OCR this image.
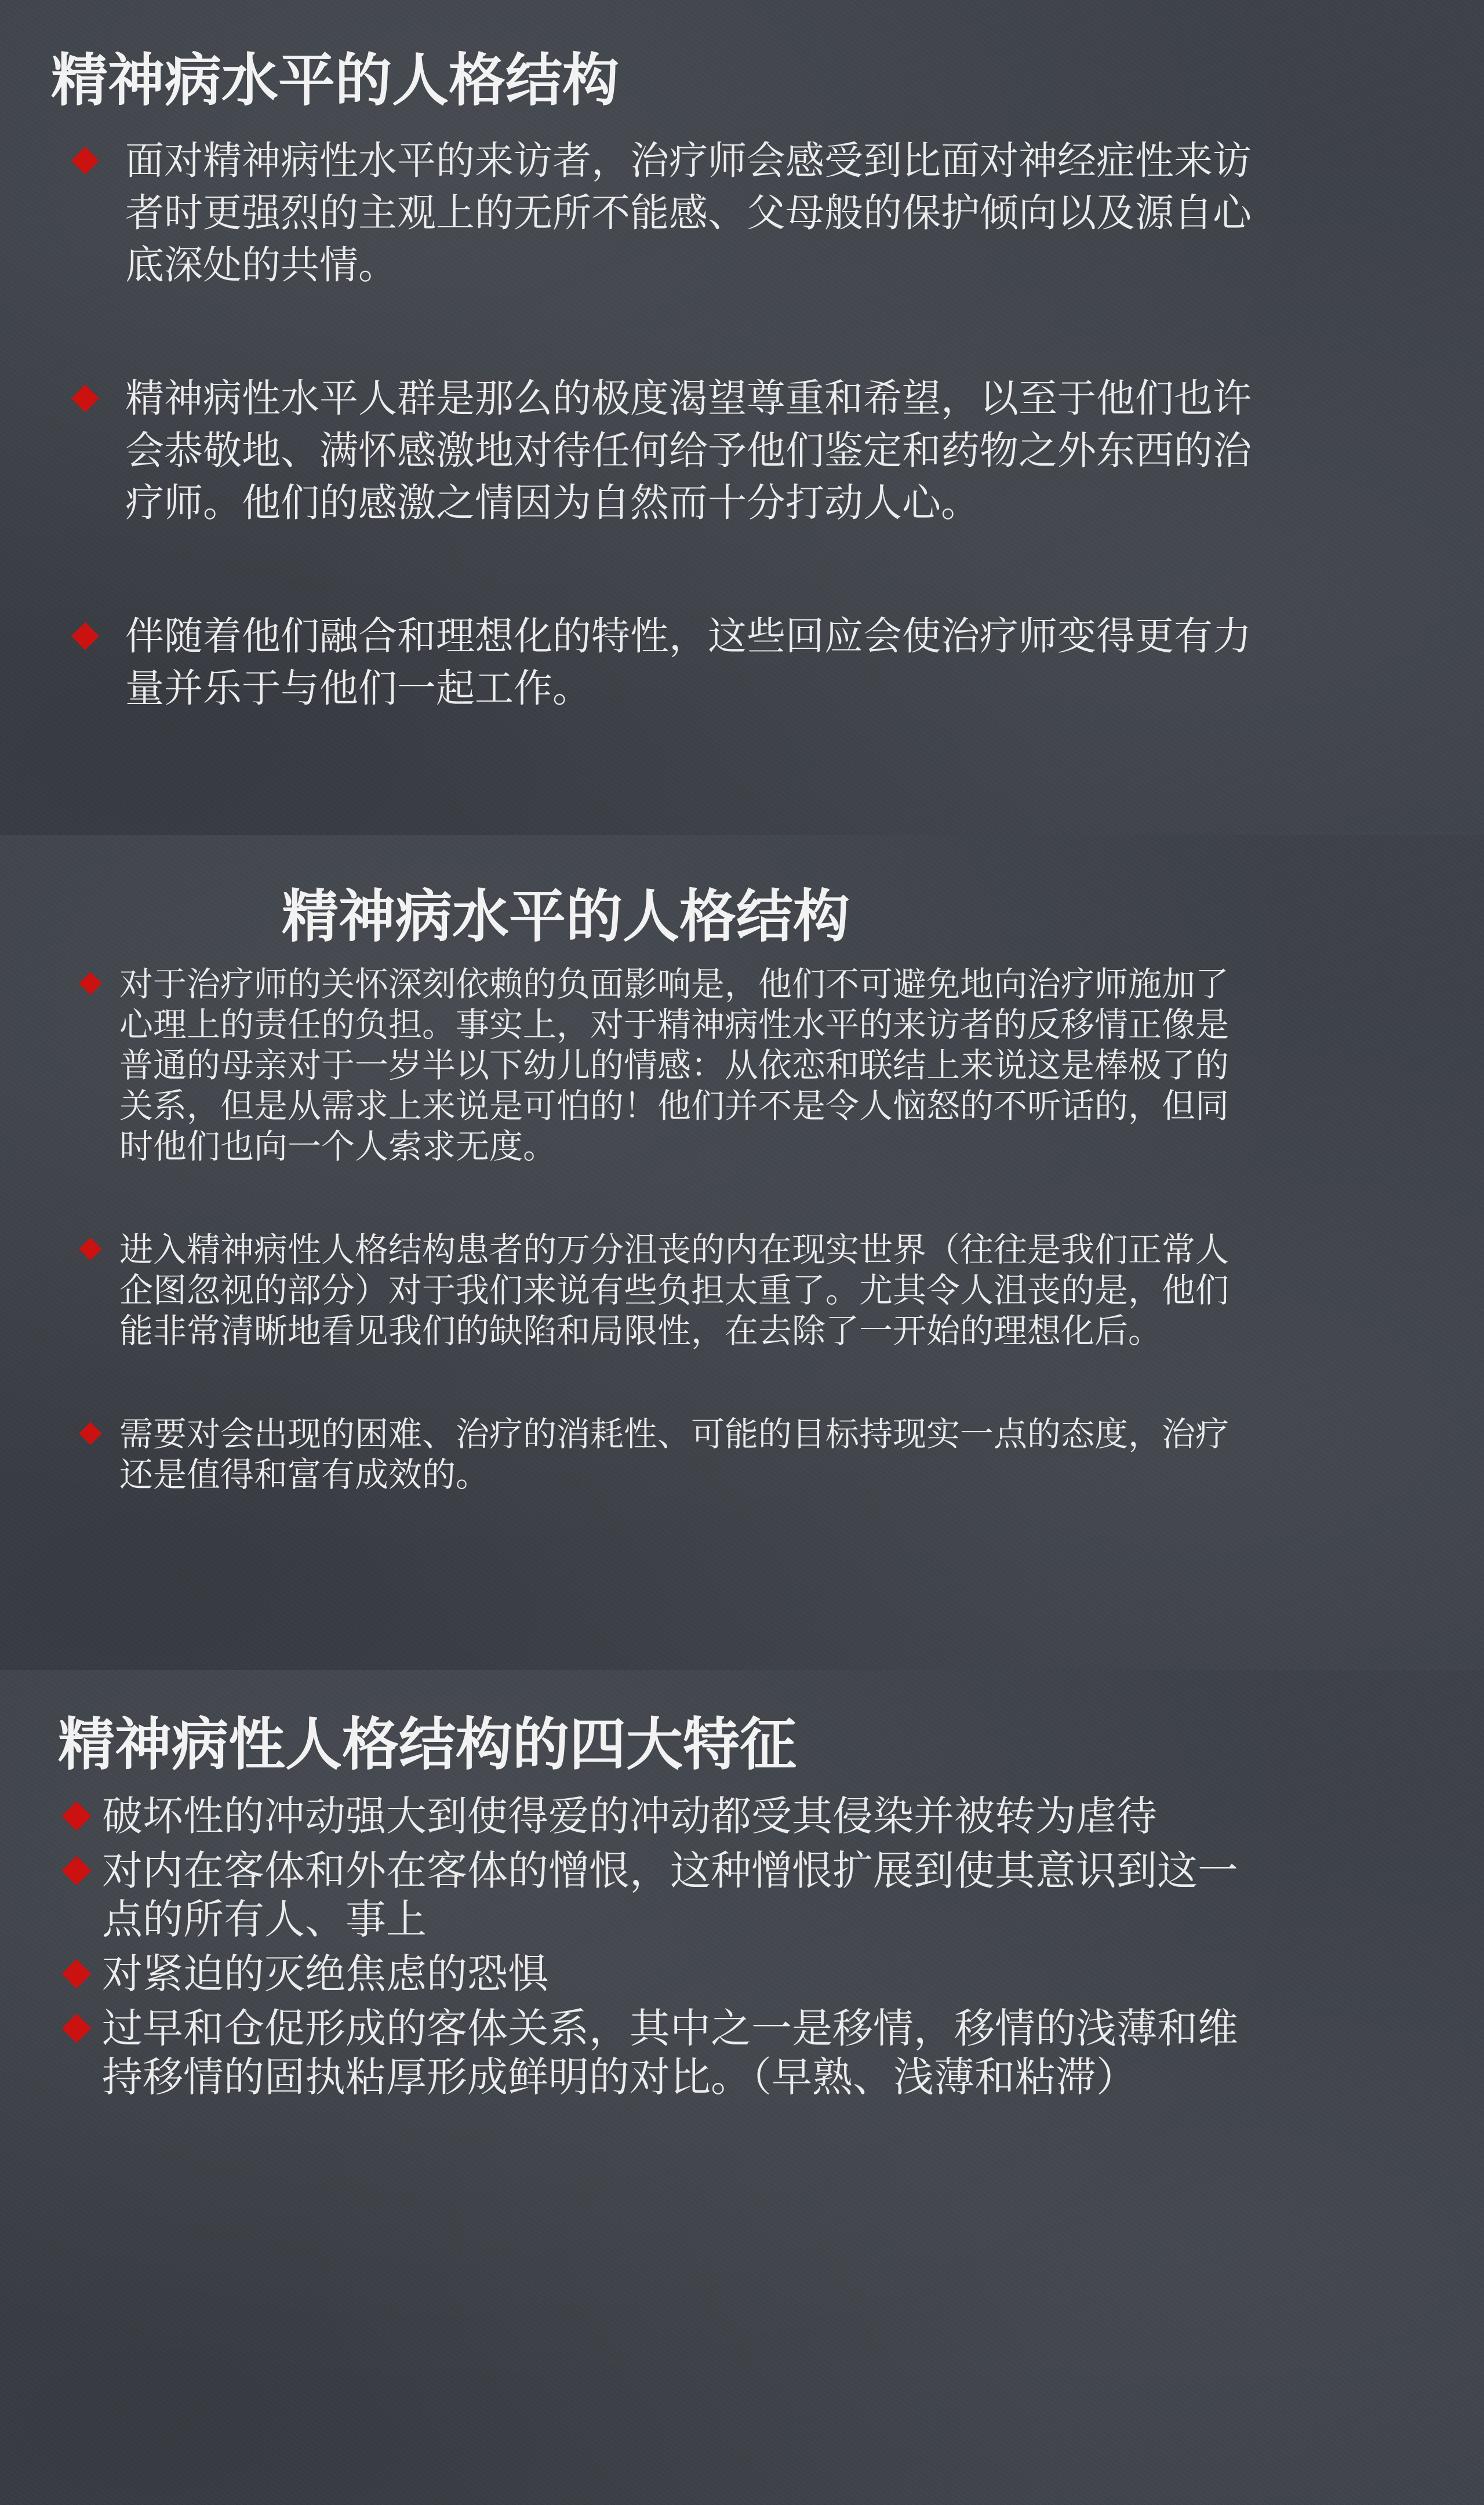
精神病水平的人格结构
面对精神病性水平的来访者，治疗师会感受到比面对神经症性来访者时更强烈的主观上的无所不能感、父母般的保护倾向以及源自心底深处的共情。
精神病性水平人群是那么的极度渴望尊重和希望，以至于他们也许会恭敬地、满怀感激地对待任何给予他们鉴定和药物之外东西的治疗师。他们的感激之情因为自然而十分打动人心。
伴随着他们融合和理想化的特性，这些回应会使治疗师变得更有力量并乐于与他们一起工作。
精神病水平的人格结构
对于治疗师的关怀深刻依赖的负面影响是，他们不可避免地向治疗师施加了心理上的责任的负担。事实上，对于精神病性水平的来访者的反移情正像是普通的母亲对于一岁半以下幼儿的情感：从依恋和联结上来说这是棒极了的关系，但是从需求上来说是可怕的！他们并不是令人恼怒的不听话的，但同时他们也向一个人索求无度。
进入精神病性人格结构患者的万分沮丧的内在现实世界（往往是我们正常人企图忽视的部分）对于我们来说有些负担太重了。尤其令人沮丧的是，他们能非常清晰地看见我们的缺陷和局限性，在去除了一开始的理想化后。
需要对会出现的困难、治疗的消耗性、可能的目标持现实一点的态度，治疗还是值得和富有成效的。
精神病性人格结构的四大特征
破坏性的冲动强大到使得爱的冲动都受其侵染并被转为虐待
对内在客体和外在客体的憎恨，这种憎恨扩展到使其意识到这一点的所有人、事上
对紧迫的灭绝焦虑的恐惧
过早和仓促形成的客体关系，其中之一是移情，移情的浅薄和维持移情的固执粘厚形成鲜明的对比。（早熟、浅薄和粘滞）
